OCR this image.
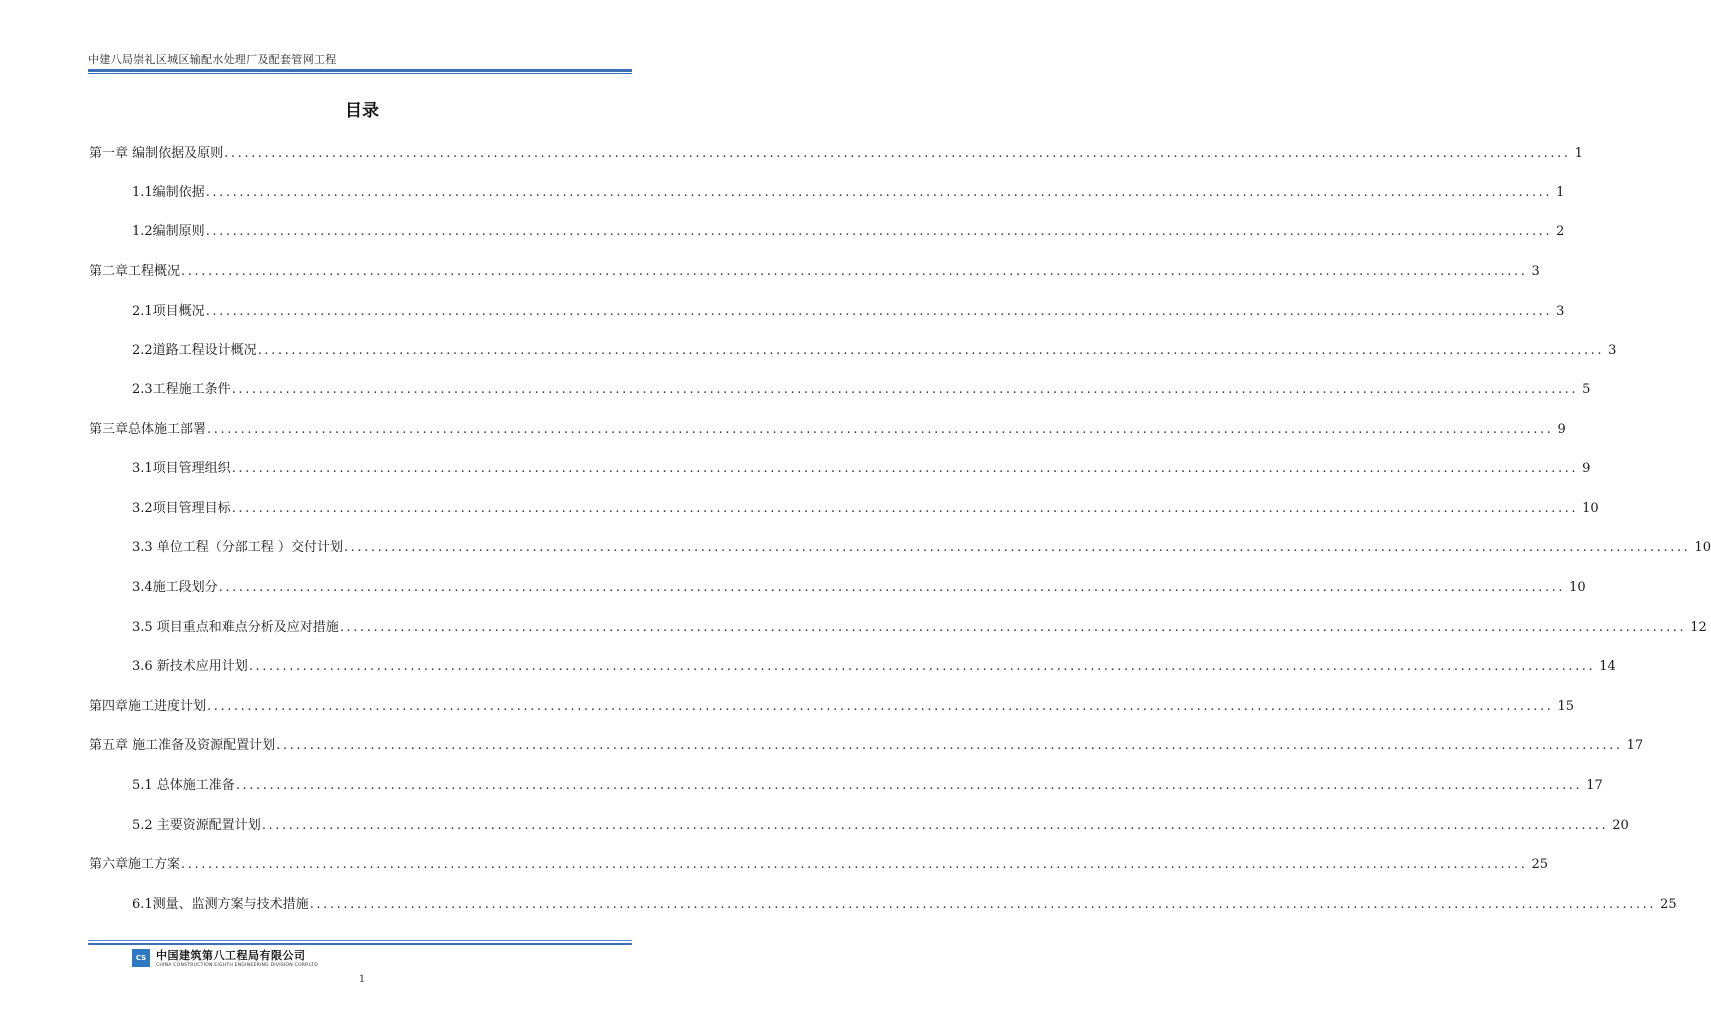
中建八局崇礼区城区输配水处理厂及配套管网工程
目录
第一章 编制依据及原则 ........................................................................................................................................................................................................ 1
1.1编制依据 ........................................................................................................................................................................................................ 1
1.2编制原则 ........................................................................................................................................................................................................ 2
第二章工程概况 ........................................................................................................................................................................................................ 3
2.1项目概况 ........................................................................................................................................................................................................ 3
2.2道路工程设计概况 ........................................................................................................................................................................................................ 3
2.3工程施工条件 ........................................................................................................................................................................................................ 5
第三章总体施工部署 ........................................................................................................................................................................................................ 9
3.1项目管理组织 ........................................................................................................................................................................................................ 9
3.2项目管理目标 ........................................................................................................................................................................................................ 10
3.3 单位工程（分部工程 ）交付计划 ........................................................................................................................................................................................................ 10
3.4施工段划分 ........................................................................................................................................................................................................ 10
3.5 项目重点和难点分析及应对措施 ........................................................................................................................................................................................................ 12
3.6 新技术应用计划 ........................................................................................................................................................................................................ 14
第四章施工进度计划 ........................................................................................................................................................................................................ 15
第五章 施工准备及资源配置计划 ........................................................................................................................................................................................................ 17
5.1 总体施工准备 ........................................................................................................................................................................................................ 17
5.2 主要资源配置计划 ........................................................................................................................................................................................................ 20
第六章施工方案 ........................................................................................................................................................................................................ 25
6.1测量、监测方案与技术措施 ........................................................................................................................................................................................................ 25
CS 中国建筑第八工程局有限公司
CHINA CONSTRUCTION EIGHTH ENGINEERING DIVISION CORP.LTD
1
